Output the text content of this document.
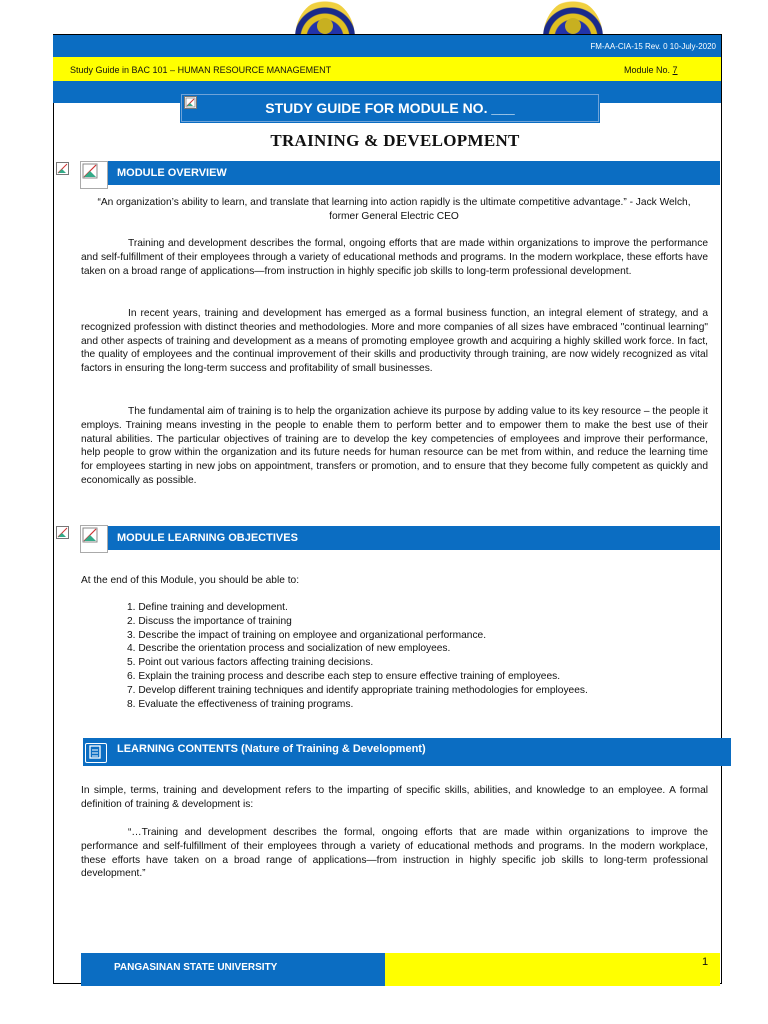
FM-AA-CIA-15 Rev. 0 10-July-2020
Study Guide in BAC 101 – HUMAN RESOURCE MANAGEMENT	Module No. 7
STUDY GUIDE FOR MODULE NO. ___
TRAINING & DEVELOPMENT
MODULE OVERVIEW
“An organization’s ability to learn, and translate that learning into action rapidly is the ultimate competitive advantage.” - Jack Welch, former General Electric CEO
Training and development describes the formal, ongoing efforts that are made within organizations to improve the performance and self-fulfillment of their employees through a variety of educational methods and programs. In the modern workplace, these efforts have taken on a broad range of applications—from instruction in highly specific job skills to long-term professional development.
In recent years, training and development has emerged as a formal business function, an integral element of strategy, and a recognized profession with distinct theories and methodologies. More and more companies of all sizes have embraced "continual learning" and other aspects of training and development as a means of promoting employee growth and acquiring a highly skilled work force. In fact, the quality of employees and the continual improvement of their skills and productivity through training, are now widely recognized as vital factors in ensuring the long-term success and profitability of small businesses.
The fundamental aim of training is to help the organization achieve its purpose by adding value to its key resource – the people it employs. Training means investing in the people to enable them to perform better and to empower them to make the best use of their natural abilities. The particular objectives of training are to develop the key competencies of employees and improve their performance, help people to grow within the organization and its future needs for human resource can be met from within, and reduce the learning time for employees starting in new jobs on appointment, transfers or promotion, and to ensure that they become fully competent as quickly and economically as possible.
MODULE LEARNING OBJECTIVES
At the end of this Module, you should be able to:
1. Define training and development.
2. Discuss the importance of training
3. Describe the impact of training on employee and organizational performance.
4. Describe the orientation process and socialization of new employees.
5. Point out various factors affecting training decisions.
6. Explain the training process and describe each step to ensure effective training of employees.
7. Develop different training techniques and identify appropriate training methodologies for employees.
8. Evaluate the effectiveness of training programs.
LEARNING CONTENTS (Nature of Training & Development)
In simple, terms, training and development refers to the imparting of specific skills, abilities, and knowledge to an employee. A formal definition of training & development is:
“…Training and development describes the formal, ongoing efforts that are made within organizations to improve the performance and self-fulfillment of their employees through a variety of educational methods and programs. In the modern workplace, these efforts have taken on a broad range of applications—from instruction in highly specific job skills to long-term professional development.”
PANGASINAN STATE UNIVERSITY	1
